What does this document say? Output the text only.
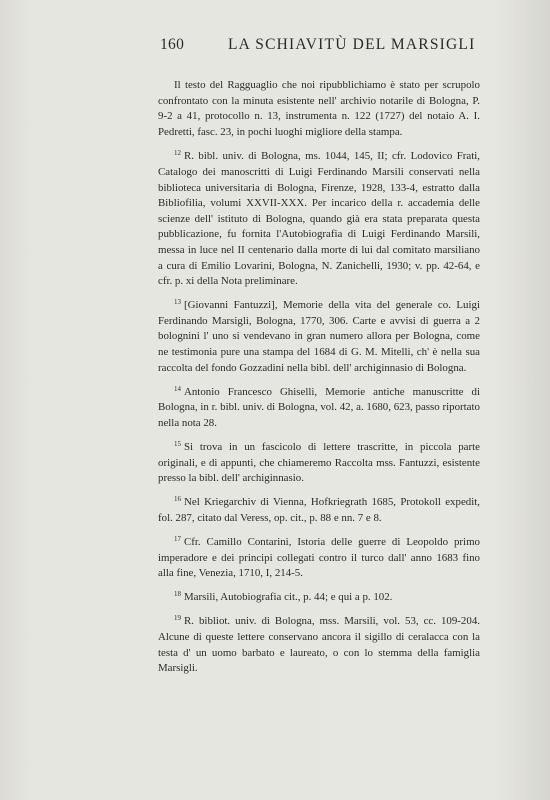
160	LA SCHIAVITÙ DEL MARSIGLI

Il testo del Ragguaglio che noi ripubblichiamo è stato per scrupolo confrontato con la minuta esistente nell' archivio notarile di Bologna, P. 9-2 a 41, protocollo n. 13, instrumenta n. 122 (1727) del notaio A. I. Pedretti, fasc. 23, in pochi luoghi migliore della stampa.

$^{12}$ R. bibl. univ. di Bologna, ms. 1044, 145, II; cfr. Lodovico Frati, Catalogo dei manoscritti di Luigi Ferdinando Marsili conservati nella biblioteca universitaria di Bologna, Firenze, 1928, 133-4, estratto dalla Bibliofilia, volumi XXVII-XXX. Per incarico della r. accademia delle scienze dell' istituto di Bologna, quando già era stata preparata questa pubblicazione, fu fornita l'Autobiografia di Luigi Ferdinando Marsili, messa in luce nel II centenario dalla morte di lui dal comitato marsiliano a cura di Emilio Lovarini, Bologna, N. Zanichelli, 1930; v. pp. 42-64, e cfr. p. xi della Nota preliminare.

$^{13}$ [Giovanni Fantuzzi], Memorie della vita del generale co. Luigi Ferdinando Marsigli, Bologna, 1770, 306. Carte e avvisi di guerra a 2 bolognini l' uno si vendevano in gran numero allora per Bologna, come ne testimonia pure una stampa del 1684 di G. M. Mitelli, ch' è nella sua raccolta del fondo Gozzadini nella bibl. dell' archiginnasio di Bologna.

$^{14}$ Antonio Francesco Ghiselli, Memorie antiche manuscritte di Bologna, in r. bibl. univ. di Bologna, vol. 42, a. 1680, 623, passo riportato nella nota 28.

$^{15}$ Si trova in un fascicolo di lettere trascritte, in piccola parte originali, e di appunti, che chiameremo Raccolta mss. Fantuzzi, esistente presso la bibl. dell' archiginnasio.

$^{16}$ Nel Kriegarchiv di Vienna, Hofkriegrath 1685, Protokoll expedit, fol. 287, citato dal Veress, op. cit., p. 88 e nn. 7 e 8.

$^{17}$ Cfr. Camillo Contarini, Istoria delle guerre di Leopoldo primo imperadore e dei principi collegati contro il turco dall' anno 1683 fino alla fine, Venezia, 1710, I, 214-5.

$^{18}$ Marsili, Autobiografia cit., p. 44; e qui a p. 102.

$^{19}$ R. bibliot. univ. di Bologna, mss. Marsili, vol. 53, cc. 109-204. Alcune di queste lettere conservano ancora il sigillo di ceralacca con la testa d' un uomo barbato e laureato, o con lo stemma della famiglia Marsigli.
